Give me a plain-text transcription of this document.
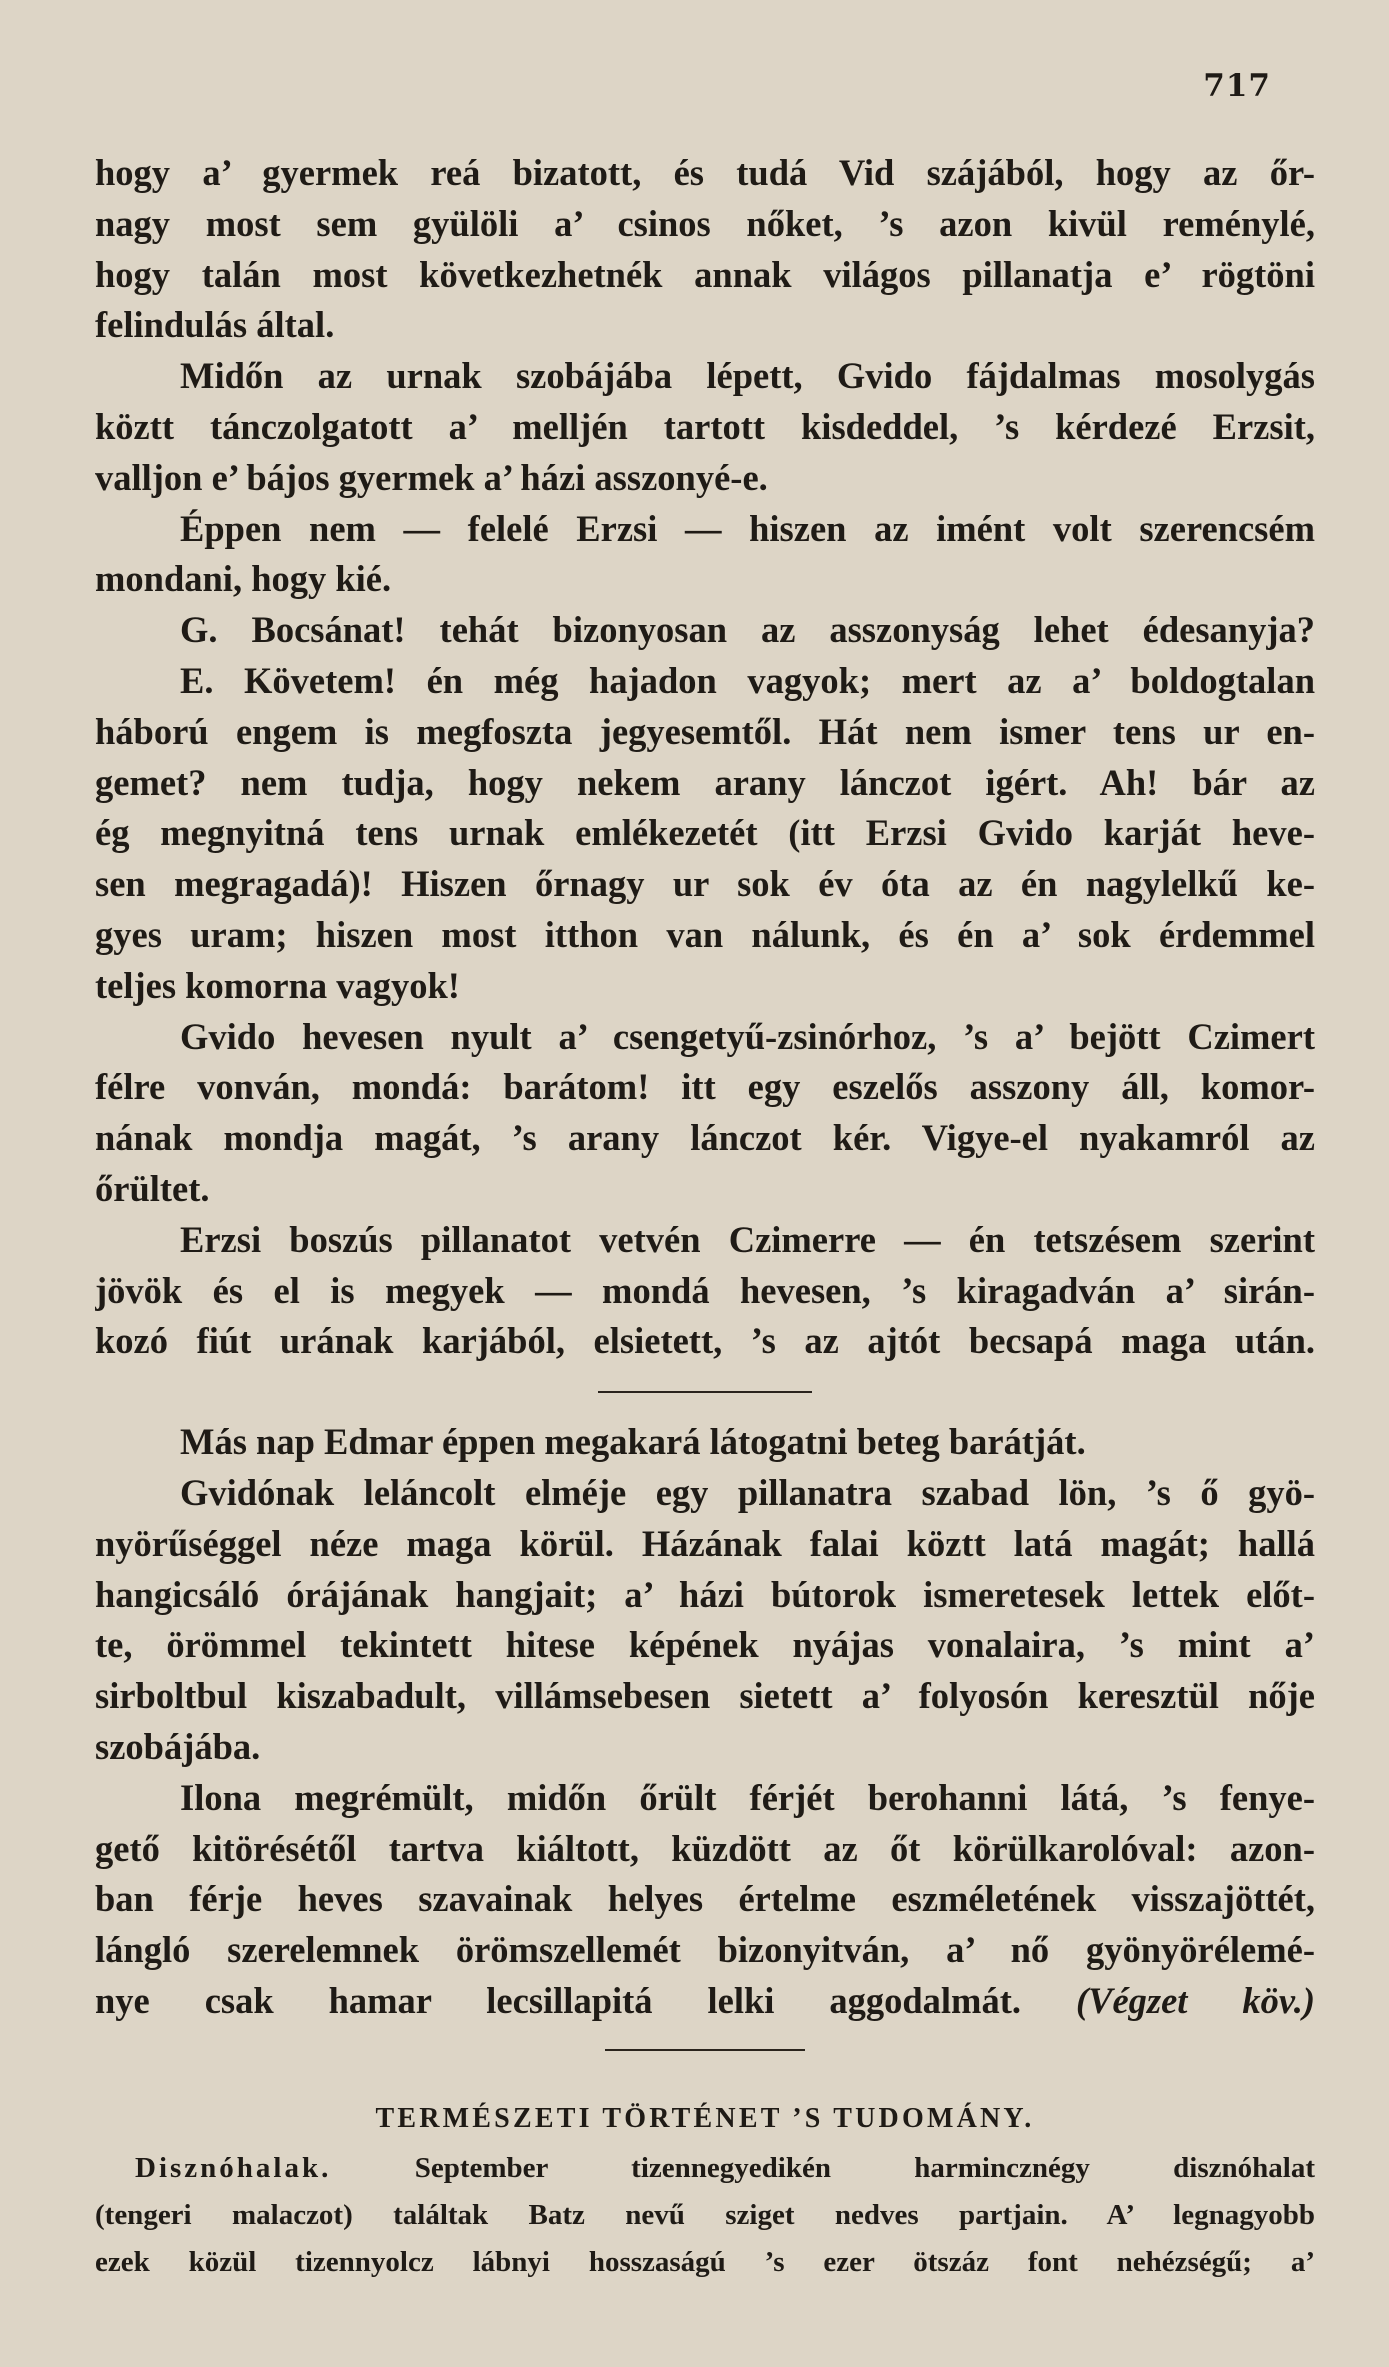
717
hogy a’ gyermek reá bizatott, és tudá Vid szájából, hogy az őr-
nagy most sem gyülöli a’ csinos nőket, ’s azon kivül reménylé,
hogy talán most következhetnék annak világos pillanatja e’ rögtöni
felindulás által.
Midőn az urnak szobájába lépett, Gvido fájdalmas mosolygás
köztt tánczolgatott a’ melljén tartott kisdeddel, ’s kérdezé Erzsit,
valljon e’ bájos gyermek a’ házi asszonyé-e.
Éppen nem — felelé Erzsi — hiszen az imént volt szerencsém
mondani, hogy kié.
G. Bocsánat! tehát bizonyosan az asszonyság lehet édesanyja?
E. Követem! én még hajadon vagyok; mert az a’ boldogtalan
háború engem is megfoszta jegyesemtől. Hát nem ismer tens ur en-
gemet? nem tudja, hogy nekem arany lánczot igért. Ah! bár az
ég megnyitná tens urnak emlékezetét (itt Erzsi Gvido karját heve-
sen megragadá)! Hiszen őrnagy ur sok év óta az én nagylelkű ke-
gyes uram; hiszen most itthon van nálunk, és én a’ sok érdemmel
teljes komorna vagyok!
Gvido hevesen nyult a’ csengetyű-zsinórhoz, ’s a’ bejött Czimert
félre vonván, mondá: barátom! itt egy eszelős asszony áll, komor-
nának mondja magát, ’s arany lánczot kér. Vigye-el nyakamról az
őrültet.
Erzsi boszús pillanatot vetvén Czimerre — én tetszésem szerint
jövök és el is megyek — mondá hevesen, ’s kiragadván a’ sirán-
kozó fiút urának karjából, elsietett, ’s az ajtót becsapá maga után.
Más nap Edmar éppen megakará látogatni beteg barátját.
Gvidónak leláncolt elméje egy pillanatra szabad lön, ’s ő gyö-
nyörűséggel néze maga körül. Házának falai köztt latá magát; hallá
hangicsáló órájának hangjait; a’ házi bútorok ismeretesek lettek előt-
te, örömmel tekintett hitese képének nyájas vonalaira, ’s mint a’
sirboltbul kiszabadult, villámsebesen sietett a’ folyosón keresztül nője
szobájába.
Ilona megrémült, midőn őrült férjét berohanni látá, ’s fenye-
gető kitörésétől tartva kiáltott, küzdött az őt körülkarolóval: azon-
ban férje heves szavainak helyes értelme eszméletének visszajöttét,
lángló szerelemnek örömszellemét bizonyitván, a’ nő gyönyörélemé-
nye csak hamar lecsillapitá lelki aggodalmát. (Végzet köv.)
TERMÉSZETI TÖRTÉNET ’S TUDOMÁNY.
Disznóhalak.	September tizennegyedikén harmincznégy disznóhalat
(tengeri malaczot) találtak Batz nevű sziget nedves partjain. A’ legnagyobb
ezek közül tizennyolcz lábnyi hosszaságú ’s ezer ötszáz font nehézségű; a’
